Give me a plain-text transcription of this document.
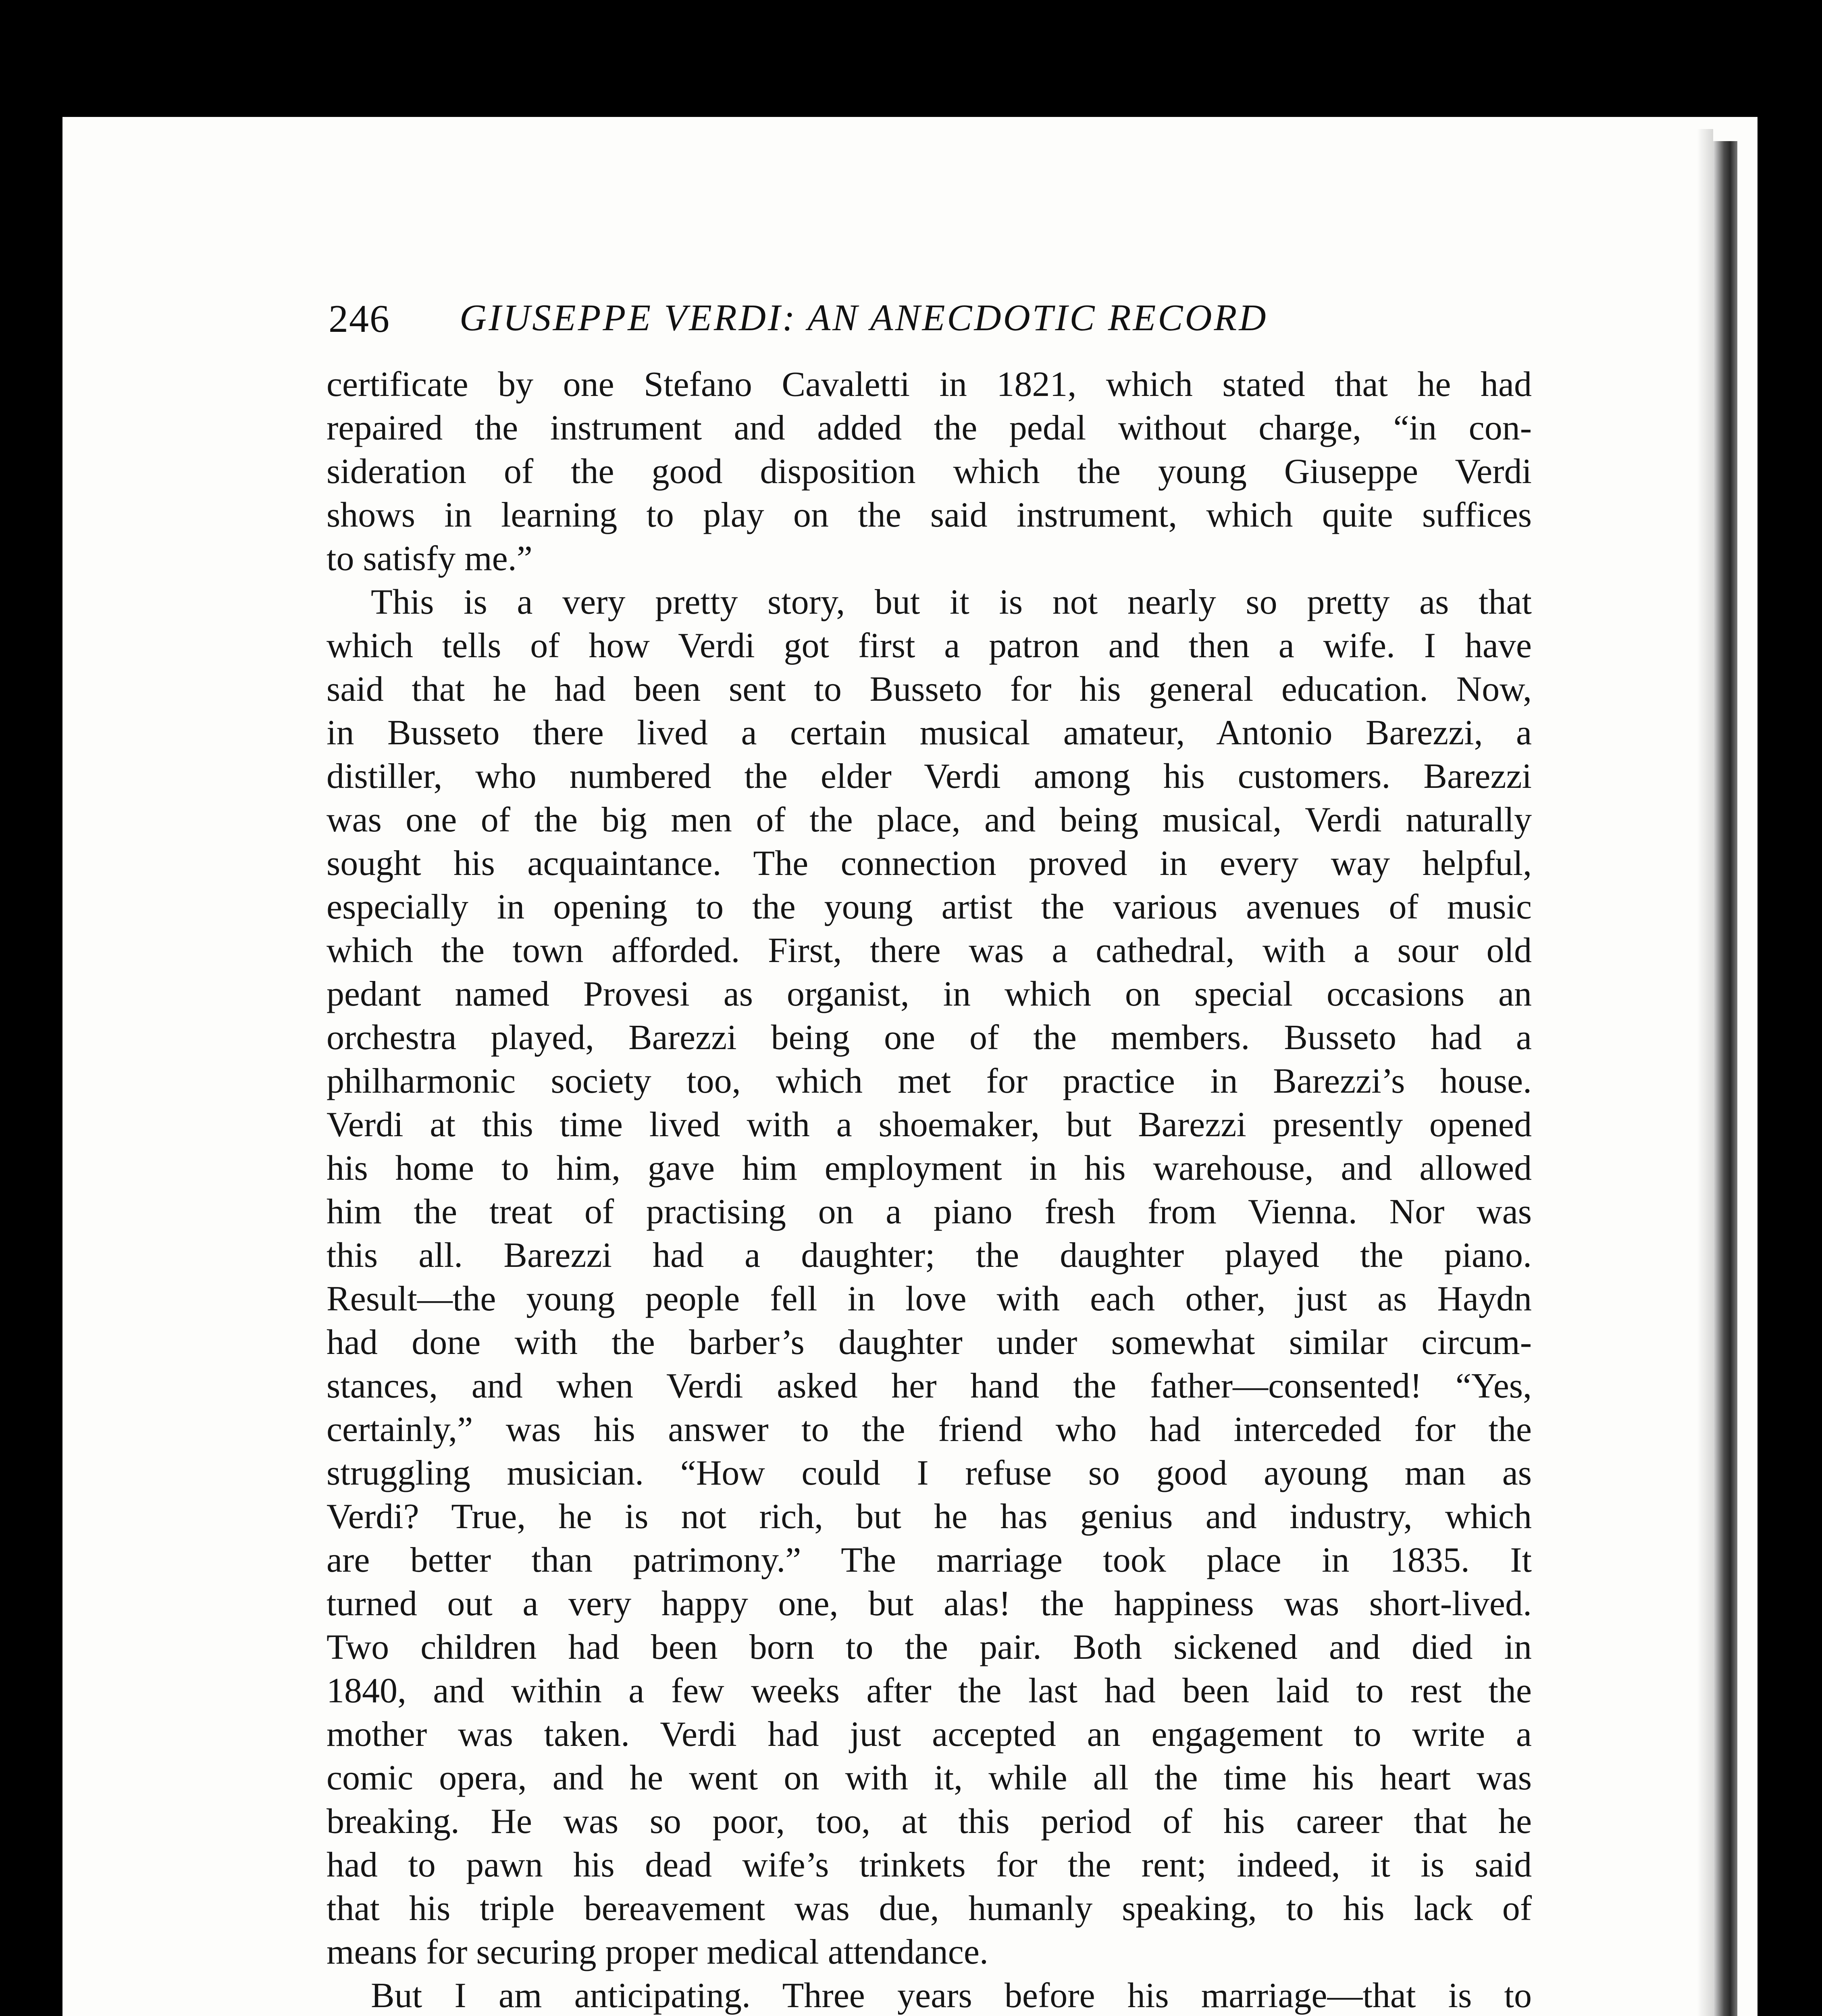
246 GIUSEPPE VERDI: AN ANECDOTIC RECORD
certificate by one Stefano Cavaletti in 1821, which stated that he had
repaired the instrument and added the pedal without charge, “in con-
sideration of the good disposition which the young Giuseppe Verdi
shows in learning to play on the said instrument, which quite suffices
to satisfy me.”
This is a very pretty story, but it is not nearly so pretty as that
which tells of how Verdi got first a patron and then a wife. I have
said that he had been sent to Busseto for his general education. Now,
in Busseto there lived a certain musical amateur, Antonio Barezzi, a
distiller, who numbered the elder Verdi among his customers. Barezzi
was one of the big men of the place, and being musical, Verdi naturally
sought his acquaintance. The connection proved in every way helpful,
especially in opening to the young artist the various avenues of music
which the town afforded. First, there was a cathedral, with a sour old
pedant named Provesi as organist, in which on special occasions an
orchestra played, Barezzi being one of the members. Busseto had a
philharmonic society too, which met for practice in Barezzi’s house.
Verdi at this time lived with a shoemaker, but Barezzi presently opened
his home to him, gave him employment in his warehouse, and allowed
him the treat of practising on a piano fresh from Vienna. Nor was
this all. Barezzi had a daughter; the daughter played the piano.
Result—the young people fell in love with each other, just as Haydn
had done with the barber’s daughter under somewhat similar circum-
stances, and when Verdi asked her hand the father—consented! “Yes,
certainly,” was his answer to the friend who had interceded for the
struggling musician. “How could I refuse so good ayoung man as
Verdi? True, he is not rich, but he has genius and industry, which
are better than patrimony.” The marriage took place in 1835. It
turned out a very happy one, but alas! the happiness was short-lived.
Two children had been born to the pair. Both sickened and died in
1840, and within a few weeks after the last had been laid to rest the
mother was taken. Verdi had just accepted an engagement to write a
comic opera, and he went on with it, while all the time his heart was
breaking. He was so poor, too, at this period of his career that he
had to pawn his dead wife’s trinkets for the rent; indeed, it is said
that his triple bereavement was due, humanly speaking, to his lack of
means for securing proper medical attendance.
But I am anticipating. Three years before his marriage—that is to
